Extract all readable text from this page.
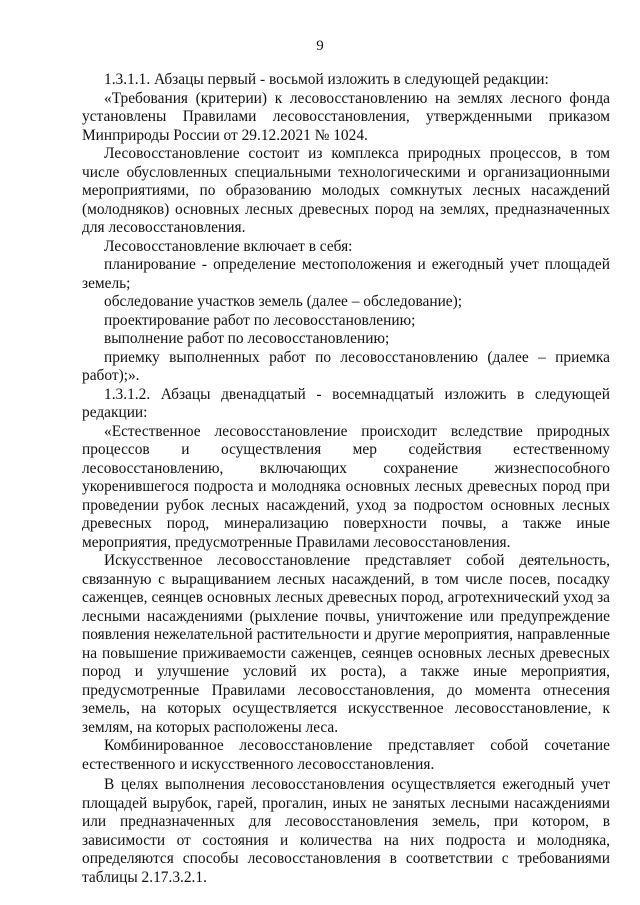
9

1.3.1.1. Абзацы первый - восьмой изложить в следующей редакции:

«Требования (критерии) к лесовосстановлению на землях лесного фонда установлены Правилами лесовосстановления, утвержденными приказом Минприроды России от 29.12.2021 № 1024.

Лесовосстановление состоит из комплекса природных процессов, в том числе обусловленных специальными технологическими и организационными мероприятиями, по образованию молодых сомкнутых лесных насаждений (молодняков) основных лесных древесных пород на землях, предназначенных для лесовосстановления.

Лесовосстановление включает в себя:

планирование - определение местоположения и ежегодный учет площадей земель;

обследование участков земель (далее – обследование);

проектирование работ по лесовосстановлению;

выполнение работ по лесовосстановлению;

приемку выполненных работ по лесовосстановлению (далее – приемка работ);».

1.3.1.2. Абзацы двенадцатый - восемнадцатый изложить в следующей редакции:

«Естественное лесовосстановление происходит вследствие природных процессов и осуществления мер содействия естественному лесовосстановлению, включающих сохранение жизнеспособного укоренившегося подроста и молодняка основных лесных древесных пород при проведении рубок лесных насаждений, уход за подростом основных лесных древесных пород, минерализацию поверхности почвы, а также иные мероприятия, предусмотренные Правилами лесовосстановления.

Искусственное лесовосстановление представляет собой деятельность, связанную с выращиванием лесных насаждений, в том числе посев, посадку саженцев, сеянцев основных лесных древесных пород, агротехнический уход за лесными насаждениями (рыхление почвы, уничтожение или предупреждение появления нежелательной растительности и другие мероприятия, направленные на повышение приживаемости саженцев, сеянцев основных лесных древесных пород и улучшение условий их роста), а также иные мероприятия, предусмотренные Правилами лесовосстановления, до момента отнесения земель, на которых осуществляется искусственное лесовосстановление, к землям, на которых расположены леса.

Комбинированное лесовосстановление представляет собой сочетание естественного и искусственного лесовосстановления.

В целях выполнения лесовосстановления осуществляется ежегодный учет площадей вырубок, гарей, прогалин, иных не занятых лесными насаждениями или предназначенных для лесовосстановления земель, при котором, в зависимости от состояния и количества на них подроста и молодняка, определяются способы лесовосстановления в соответствии с требованиями таблицы 2.17.3.2.1.
